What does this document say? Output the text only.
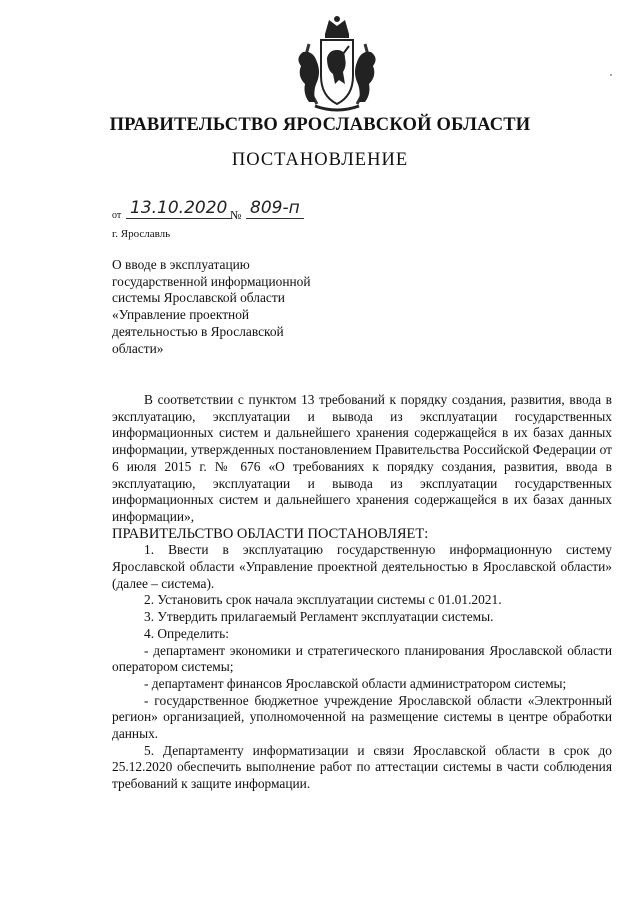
ПРАВИТЕЛЬСТВО ЯРОСЛАВСКОЙ ОБЛАСТИ
ПОСТАНОВЛЕНИЕ
от 13.10.2020 № 809-п
г. Ярославль
О вводе в эксплуатацию
государственной информационной
системы Ярославской области
«Управление проектной
деятельностью в Ярославской
области»

В соответствии с пунктом 13 требований к порядку создания, развития, ввода в эксплуатацию, эксплуатации и вывода из эксплуатации государственных информационных систем и дальнейшего хранения содержащейся в их базах данных информации, утвержденных постановлением Правительства Российской Федерации от 6 июля 2015 г. № 676 «О требованиях к порядку создания, развития, ввода в эксплуатацию, эксплуатации и вывода из эксплуатации государственных информационных систем и дальнейшего хранения содержащейся в их базах данных информации»,

ПРАВИТЕЛЬСТВО ОБЛАСТИ ПОСТАНОВЛЯЕТ:

1. Ввести в эксплуатацию государственную информационную систему Ярославской области «Управление проектной деятельностью в Ярославской области» (далее – система).

2. Установить срок начала эксплуатации системы с 01.01.2021.

3. Утвердить прилагаемый Регламент эксплуатации системы.

4. Определить:

- департамент экономики и стратегического планирования Ярославской области оператором системы;

- департамент финансов Ярославской области администратором системы;

- государственное бюджетное учреждение Ярославской области «Электронный регион» организацией, уполномоченной на размещение системы в центре обработки данных.

5. Департаменту информатизации и связи Ярославской области в срок до 25.12.2020 обеспечить выполнение работ по аттестации системы в части соблюдения требований к защите информации.
